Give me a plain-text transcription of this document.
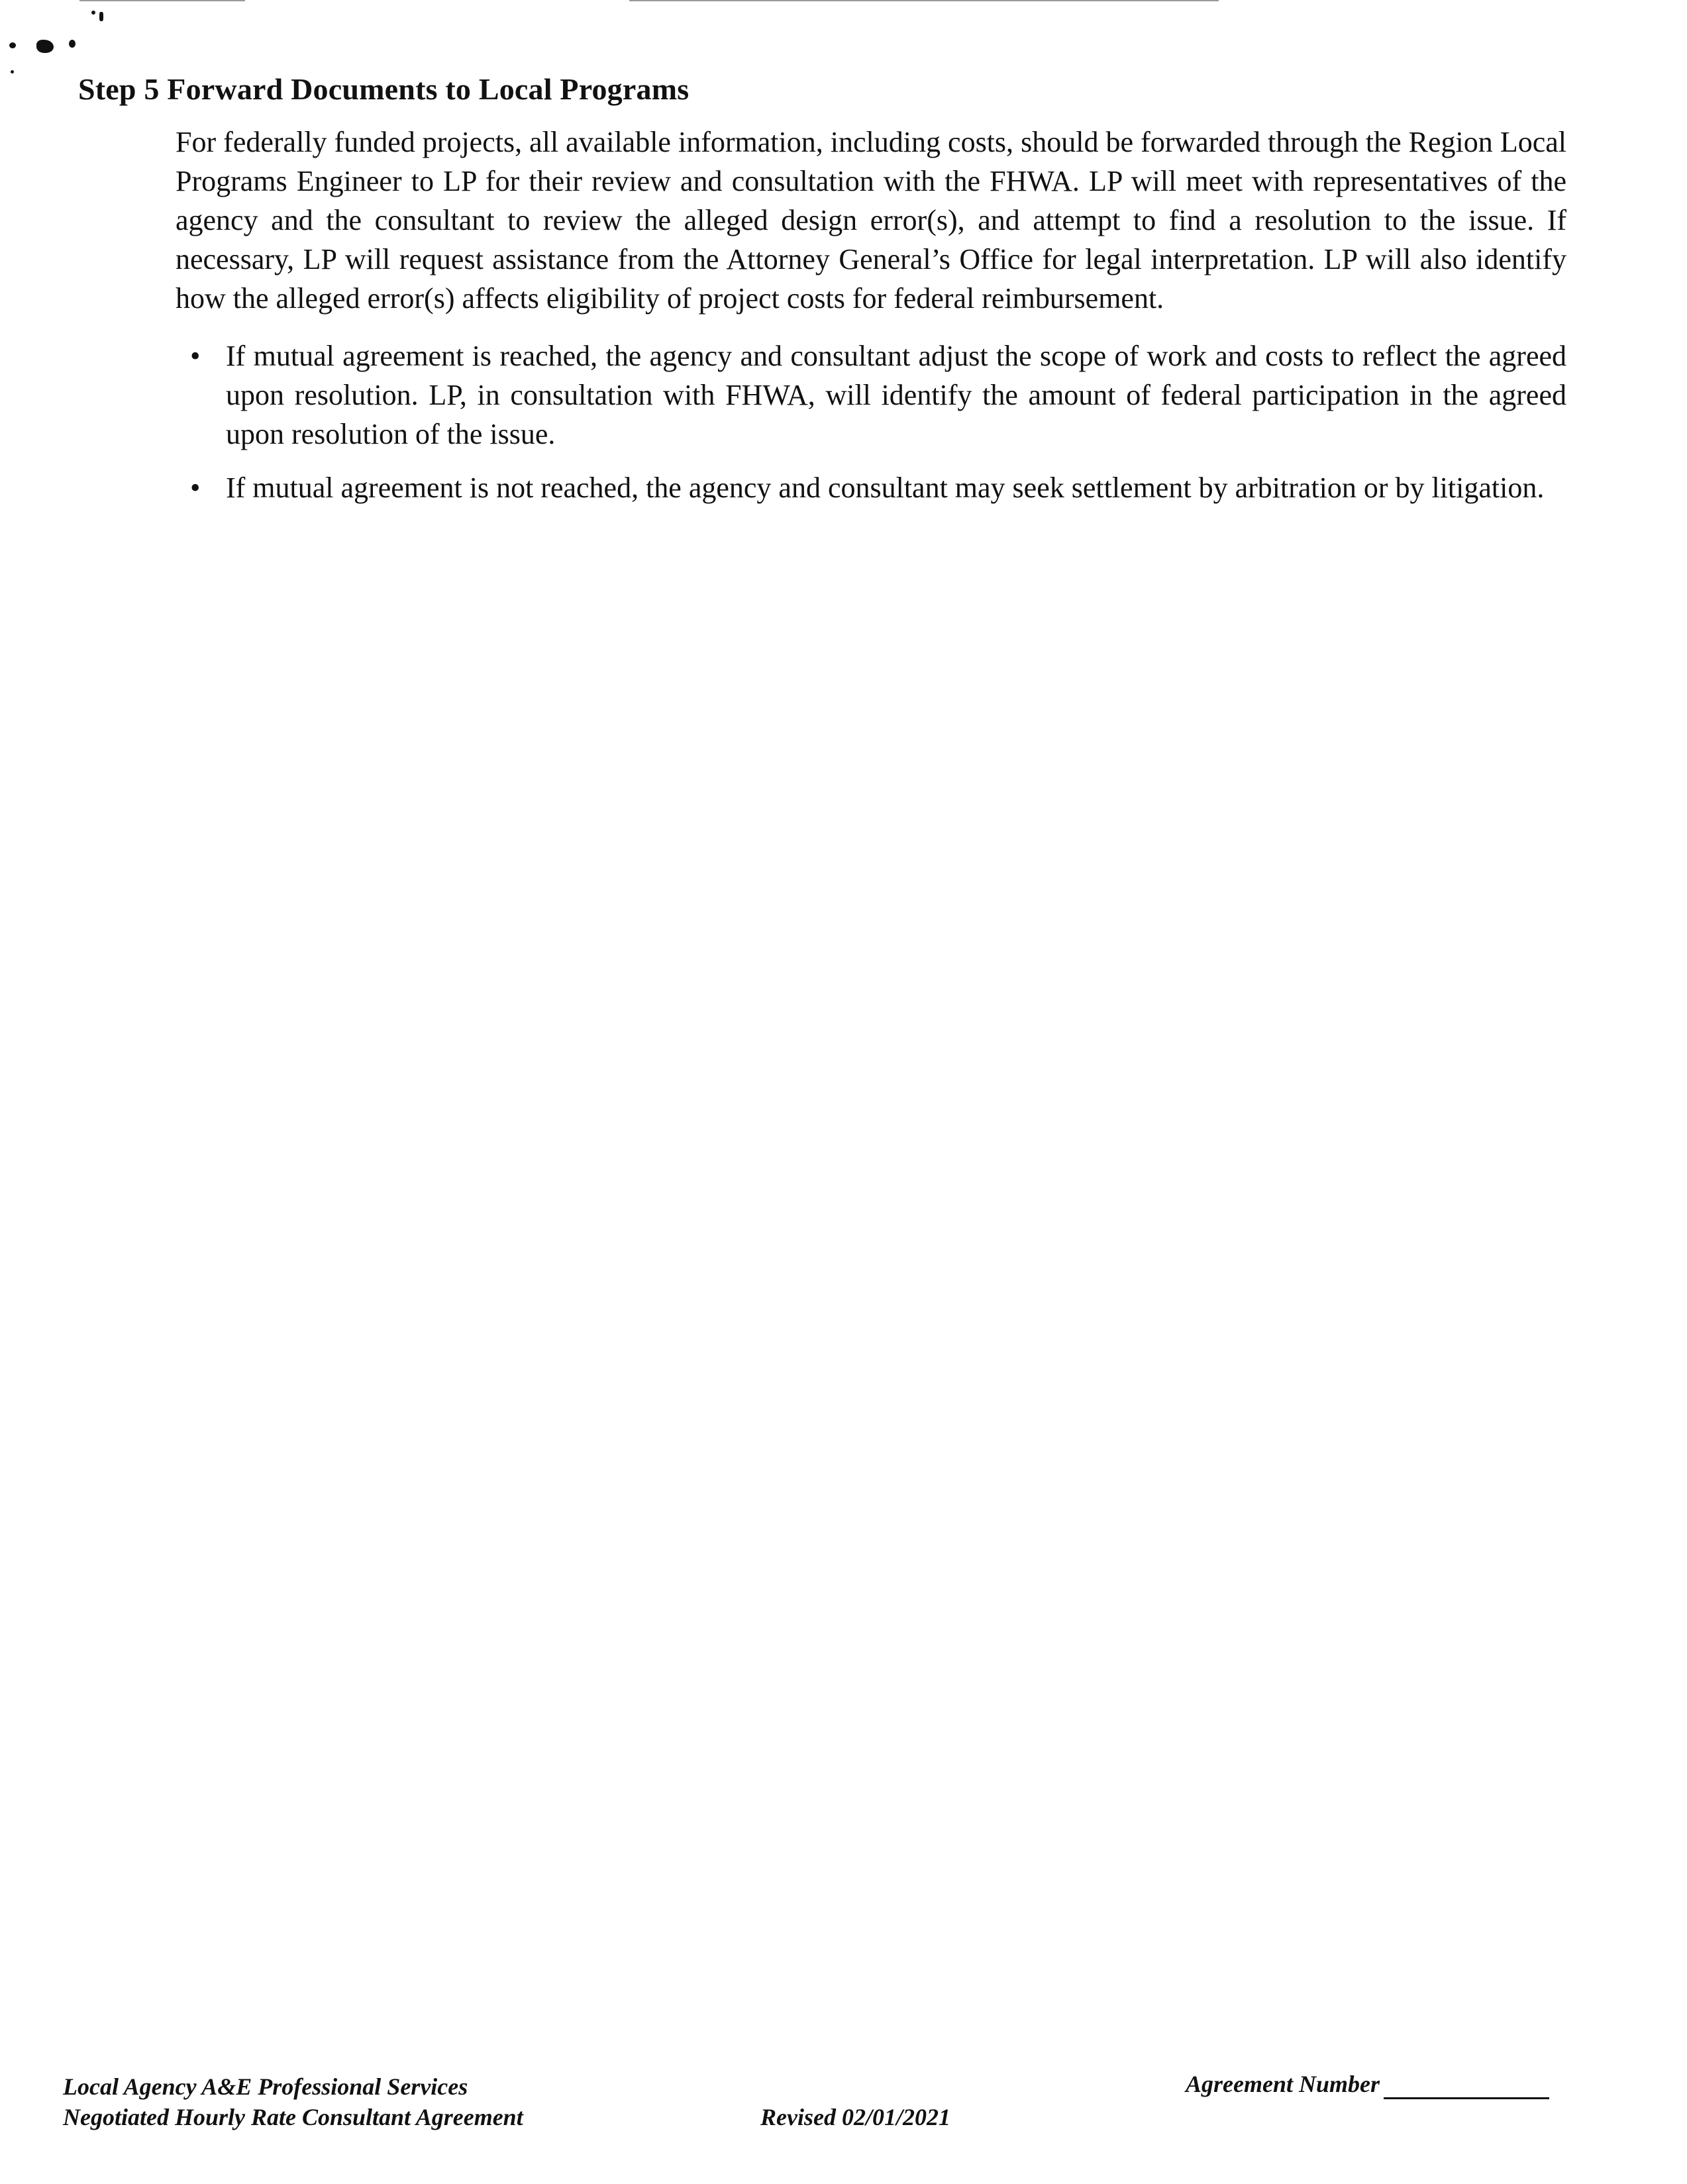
Step 5 Forward Documents to Local Programs

For federally funded projects, all available information, including costs, should be forwarded through the Region Local Programs Engineer to LP for their review and consultation with the FHWA. LP will meet with representatives of the agency and the consultant to review the alleged design error(s), and attempt to find a resolution to the issue. If necessary, LP will request assistance from the Attorney General’s Office for legal interpretation. LP will also identify how the alleged error(s) affects eligibility of project costs for federal reimbursement.

• If mutual agreement is reached, the agency and consultant adjust the scope of work and costs to reflect the agreed upon resolution. LP, in consultation with FHWA, will identify the amount of federal participation in the agreed upon resolution of the issue.
• If mutual agreement is not reached, the agency and consultant may seek settlement by arbitration or by litigation.
Local Agency A&E Professional Services
Negotiated Hourly Rate Consultant Agreement	Revised 02/01/2021
Agreement Number
